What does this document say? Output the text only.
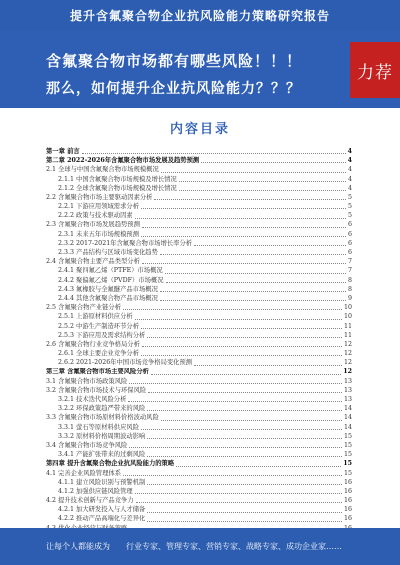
提升含氟聚合物企业抗风险能力策略研究报告
含氟聚合物市场都有哪些风险！！！
那么，如何提升企业抗风险能力？？？
力荐
内容目录
第一章 前言	4
第二章 2022-2026年含氟聚合物市场发展及趋势预测	4
2.1 全球与中国含氟聚合物市场规模概况	4
2.1.1 中国含氟聚合物市场规模及增长情况	4
2.1.2 全球含氟聚合物市场规模及增长情况	4
2.2 含氟聚合物市场主要驱动因素分析	5
2.2.1 下游应用领域需求分析	5
2.2.2 政策与技术驱动因素	5
2.3 含氟聚合物市场发展趋势预测	6
2.3.1 未来五年市场规模预测	6
2.3.2 2017-2021年含氟聚合物市场增长率分析	6
2.3.3 产品结构与区域市场变化趋势	6
2.4 含氟聚合物主要产品类型分析	7
2.4.1 聚四氟乙烯（PTFE）市场概况	7
2.4.2 聚偏氟乙烯（PVDF）市场概况	8
2.4.3 氟橡胶与全氟醚产品市场概况	8
2.4.4 其他含氟聚合物产品市场概况	9
2.5 含氟聚合物产业链分析	10
2.5.1 上游原材料供应分析	10
2.5.2 中游生产制造环节分析	11
2.5.3 下游应用及需求结构分析	11
2.6 含氟聚合物行业竞争格局分析	12
2.6.1 全球主要企业竞争分析	12
2.6.2 2021-2026年中国市场竞争格局变化预测	12
第三章 含氟聚合物市场主要风险分析	12
3.1 含氟聚合物市场政策风险	13
3.2 含氟聚合物市场技术与环保风险	13
3.2.1 技术迭代风险分析	13
3.2.2 环保政策趋严带来的风险	14
3.3 含氟聚合物市场原材料价格波动风险	14
3.3.1 萤石等原材料供应风险	14
3.3.2 原材料价格周期波动影响	15
3.4 含氟聚合物市场竞争风险	15
3.4.1 产能扩张带来的过剩风险	15
第四章 提升含氟聚合物企业抗风险能力的策略	15
4.1 完善企业风险管理体系	15
4.1.1 建立风险识别与预警机制	16
4.1.2 加强供应链风险管理	16
4.2 提升技术创新与产品竞争力	16
4.2.1 加大研发投入与人才储备	16
4.2.2 推动产品高端化与差异化	16
让每个人都能成为 行业专家、管理专家、营销专家、战略专家、成功企业家……
